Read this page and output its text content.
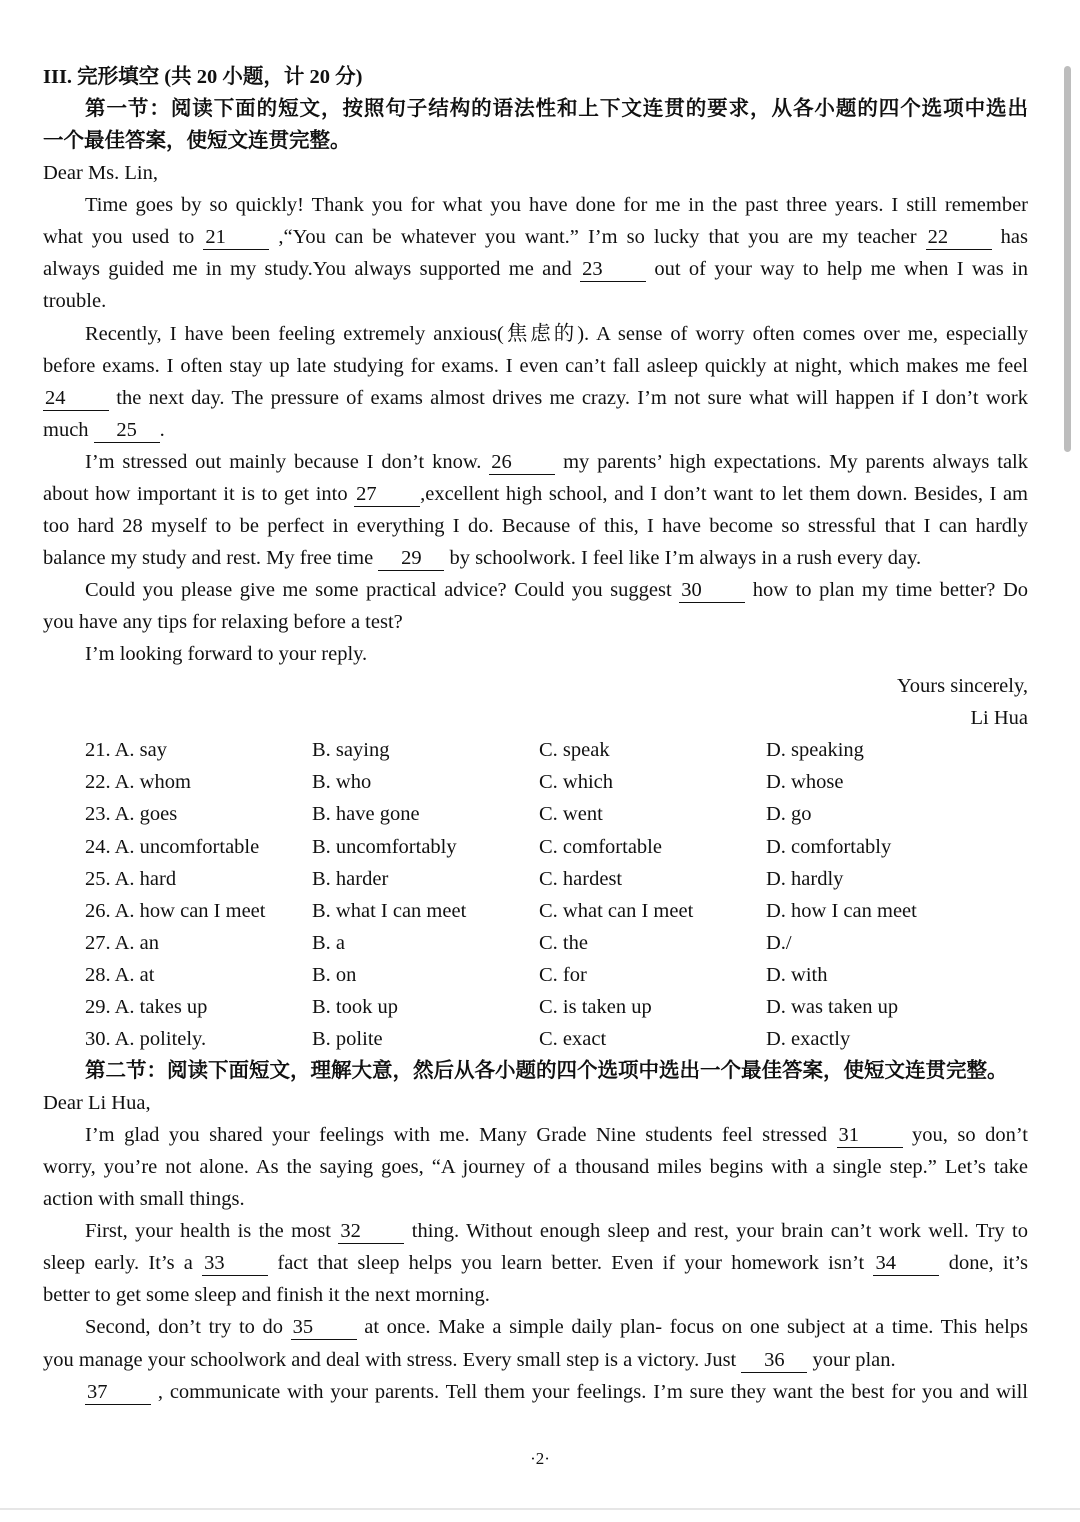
III. 完形填空 (共 20 小题，计 20 分)
第一节：阅读下面的短文，按照句子结构的语法性和上下文连贯的要求，从各小题的四个选项中选出
一个最佳答案，使短文连贯完整。
Dear Ms. Lin,
Time goes by so quickly! Thank you for what you have done for me in the past three years. I still remember
what you used to 21 ,“You can be whatever you want.” I’m so lucky that you are my teacher 22 has
always guided me in my study.You always supported me and 23 out of your way to help me when I was in
trouble.
Recently, I have been feeling extremely anxious(焦虑的). A sense of worry often comes over me, especially
before exams. I often stay up late studying for exams. I even can’t fall asleep quickly at night, which makes me feel
24 the next day. The pressure of exams almost drives me crazy. I’m not sure what will happen if I don’t work
much 25 .
I’m stressed out mainly because I don’t know. 26 my parents’ high expectations. My parents always talk
about how important it is to get into 27 ,excellent high school, and I don’t want to let them down. Besides, I am
too hard 28 myself to be perfect in everything I do. Because of this, I have become so stressful that I can hardly
balance my study and rest. My free time 29 by schoolwork. I feel like I’m always in a rush every day.
Could you please give me some practical advice? Could you suggest 30 how to plan my time better? Do
you have any tips for relaxing before a test?
I’m looking forward to your reply.
Yours sincerely,
Li Hua
21. A. say	B. saying	C. speak	D. speaking
22. A. whom	B. who	C. which	D. whose
23. A. goes	B. have gone	C. went	D. go
24. A. uncomfortable	B. uncomfortably	C. comfortable	D. comfortably
25. A. hard	B. harder	C. hardest	D. hardly
26. A. how can I meet	B. what I can meet	C. what can I meet	D. how I can meet
27. A. an	B. a	C. the	D./
28. A. at	B. on	C. for	D. with
29. A. takes up	B. took up	C. is taken up	D. was taken up
30. A. politely.	B. polite	C. exact	D. exactly
第二节：阅读下面短文，理解大意，然后从各小题的四个选项中选出一个最佳答案，使短文连贯完整。
Dear Li Hua,
I’m glad you shared your feelings with me. Many Grade Nine students feel stressed 31 you, so don’t
worry, you’re not alone. As the saying goes, “A journey of a thousand miles begins with a single step.” Let’s take
action with small things.
First, your health is the most 32 thing. Without enough sleep and rest, your brain can’t work well. Try to
sleep early. It’s a 33 fact that sleep helps you learn better. Even if your homework isn’t 34 done, it’s
better to get some sleep and finish it the next morning.
Second, don’t try to do 35 at once. Make a simple daily plan- focus on one subject at a time. This helps
you manage your schoolwork and deal with stress. Every small step is a victory. Just 36 your plan.
37 , communicate with your parents. Tell them your feelings. I’m sure they want the best for you and will
·2·
